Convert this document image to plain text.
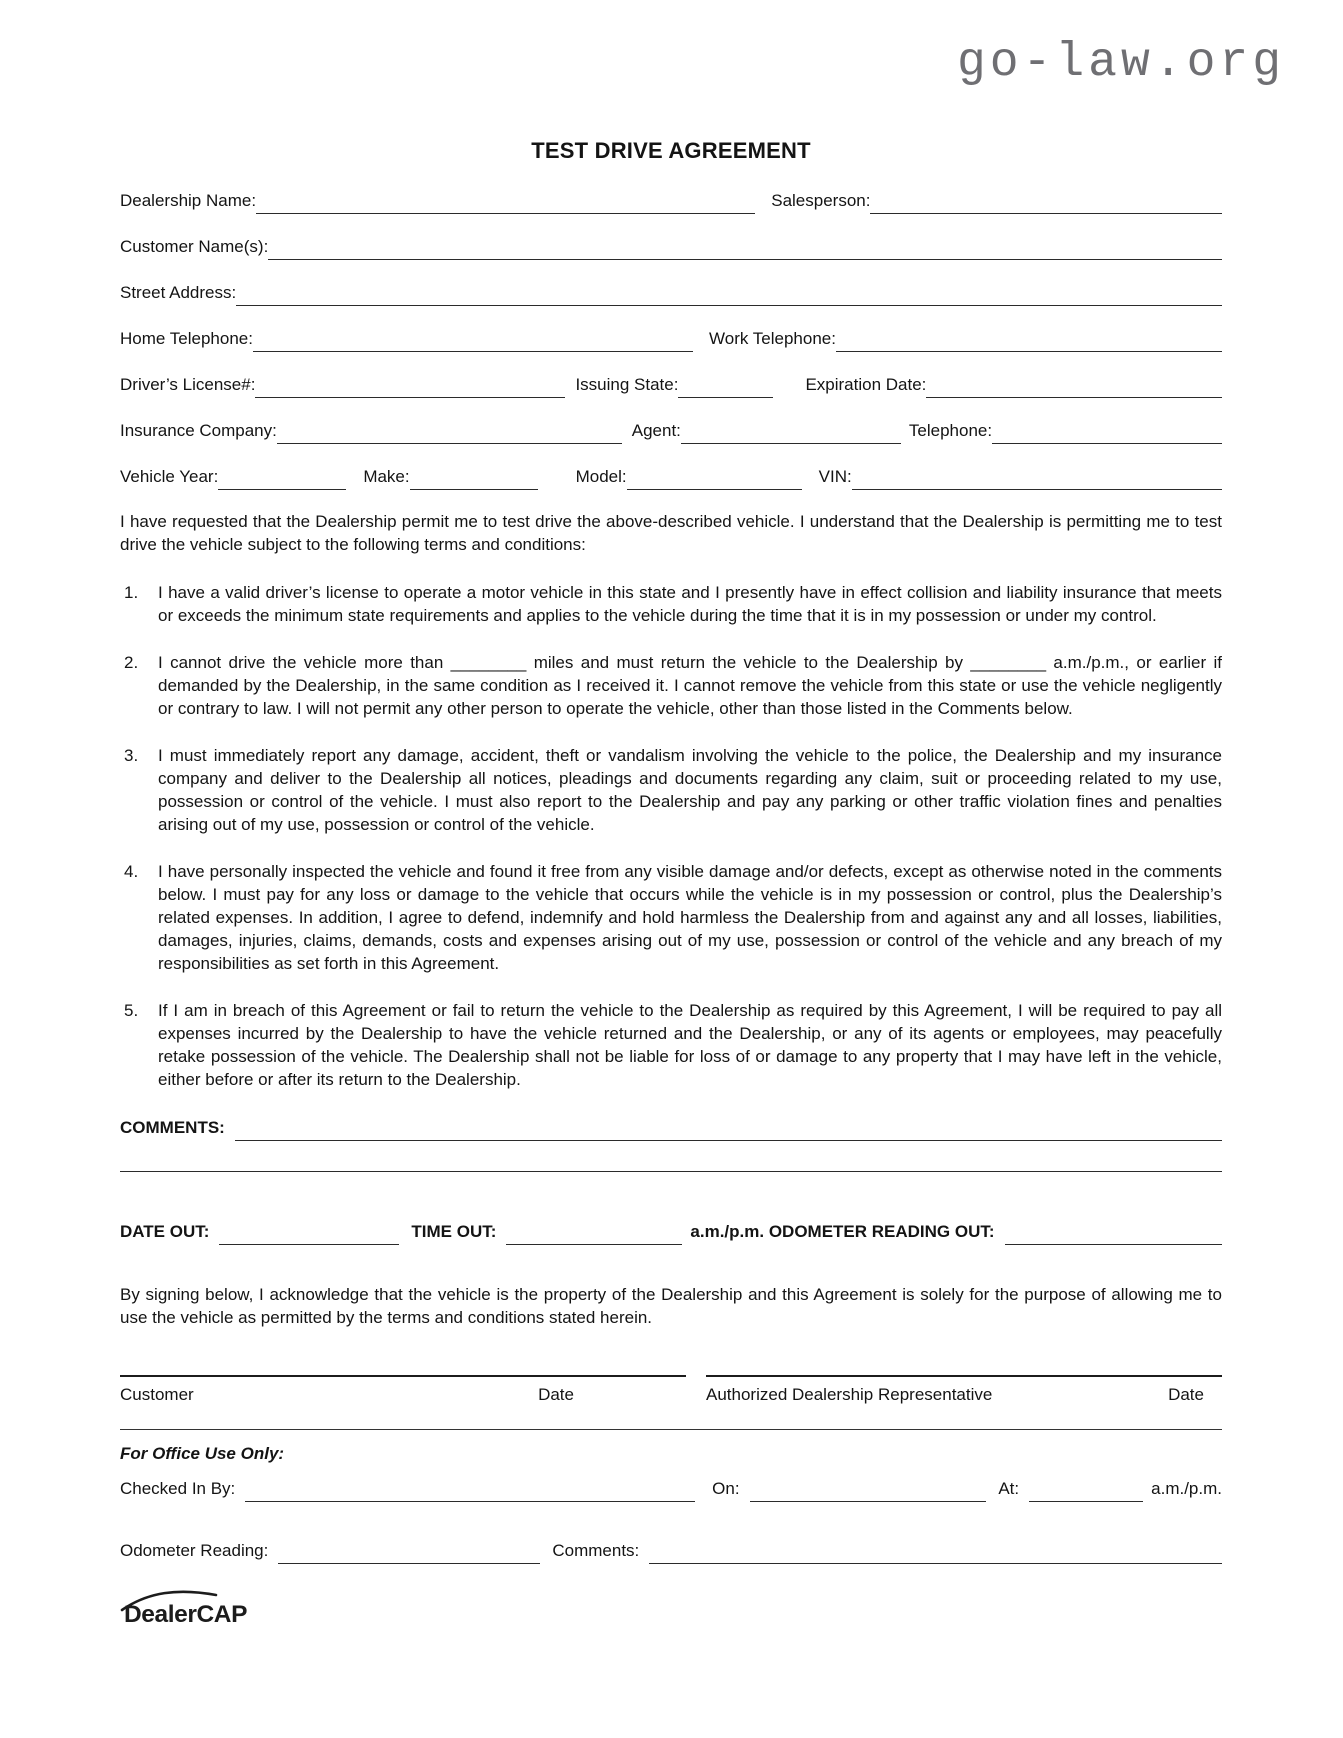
go-law.org
TEST DRIVE AGREEMENT
Dealership Name:	Salesperson:
Customer Name(s):
Street Address:
Home Telephone:	Work Telephone:
Driver’s License#:	Issuing State:	Expiration Date:
Insurance Company:	Agent:	Telephone:
Vehicle Year:	Make:	Model:	VIN:

I have requested that the Dealership permit me to test drive the above-described vehicle. I understand that the Dealership is permitting me to test drive the vehicle subject to the following terms and conditions:

1. I have a valid driver’s license to operate a motor vehicle in this state and I presently have in effect collision and liability insurance that meets or exceeds the minimum state requirements and applies to the vehicle during the time that it is in my possession or under my control.
2. I cannot drive the vehicle more than ________ miles and must return the vehicle to the Dealership by ________ a.m./p.m., or earlier if demanded by the Dealership, in the same condition as I received it. I cannot remove the vehicle from this state or use the vehicle negligently or contrary to law. I will not permit any other person to operate the vehicle, other than those listed in the Comments below.
3. I must immediately report any damage, accident, theft or vandalism involving the vehicle to the police, the Dealership and my insurance company and deliver to the Dealership all notices, pleadings and documents regarding any claim, suit or proceeding related to my use, possession or control of the vehicle. I must also report to the Dealership and pay any parking or other traffic violation fines and penalties arising out of my use, possession or control of the vehicle.
4. I have personally inspected the vehicle and found it free from any visible damage and/or defects, except as otherwise noted in the comments below. I must pay for any loss or damage to the vehicle that occurs while the vehicle is in my possession or control, plus the Dealership’s related expenses. In addition, I agree to defend, indemnify and hold harmless the Dealership from and against any and all losses, liabilities, damages, injuries, claims, demands, costs and expenses arising out of my use, possession or control of the vehicle and any breach of my responsibilities as set forth in this Agreement.
5. If I am in breach of this Agreement or fail to return the vehicle to the Dealership as required by this Agreement, I will be required to pay all expenses incurred by the Dealership to have the vehicle returned and the Dealership, or any of its agents or employees, may peacefully retake possession of the vehicle. The Dealership shall not be liable for loss of or damage to any property that I may have left in the vehicle, either before or after its return to the Dealership.
COMMENTS:
DATE OUT:	TIME OUT:	a.m./p.m. ODOMETER READING OUT:

By signing below, I acknowledge that the vehicle is the property of the Dealership and this Agreement is solely for the purpose of allowing me to use the vehicle as permitted by the terms and conditions stated herein.

Customer	Date	Authorized Dealership Representative	Date
For Office Use Only:
Checked In By:	On:	At:	a.m./p.m.
Odometer Reading:	Comments:
DealerCAP
